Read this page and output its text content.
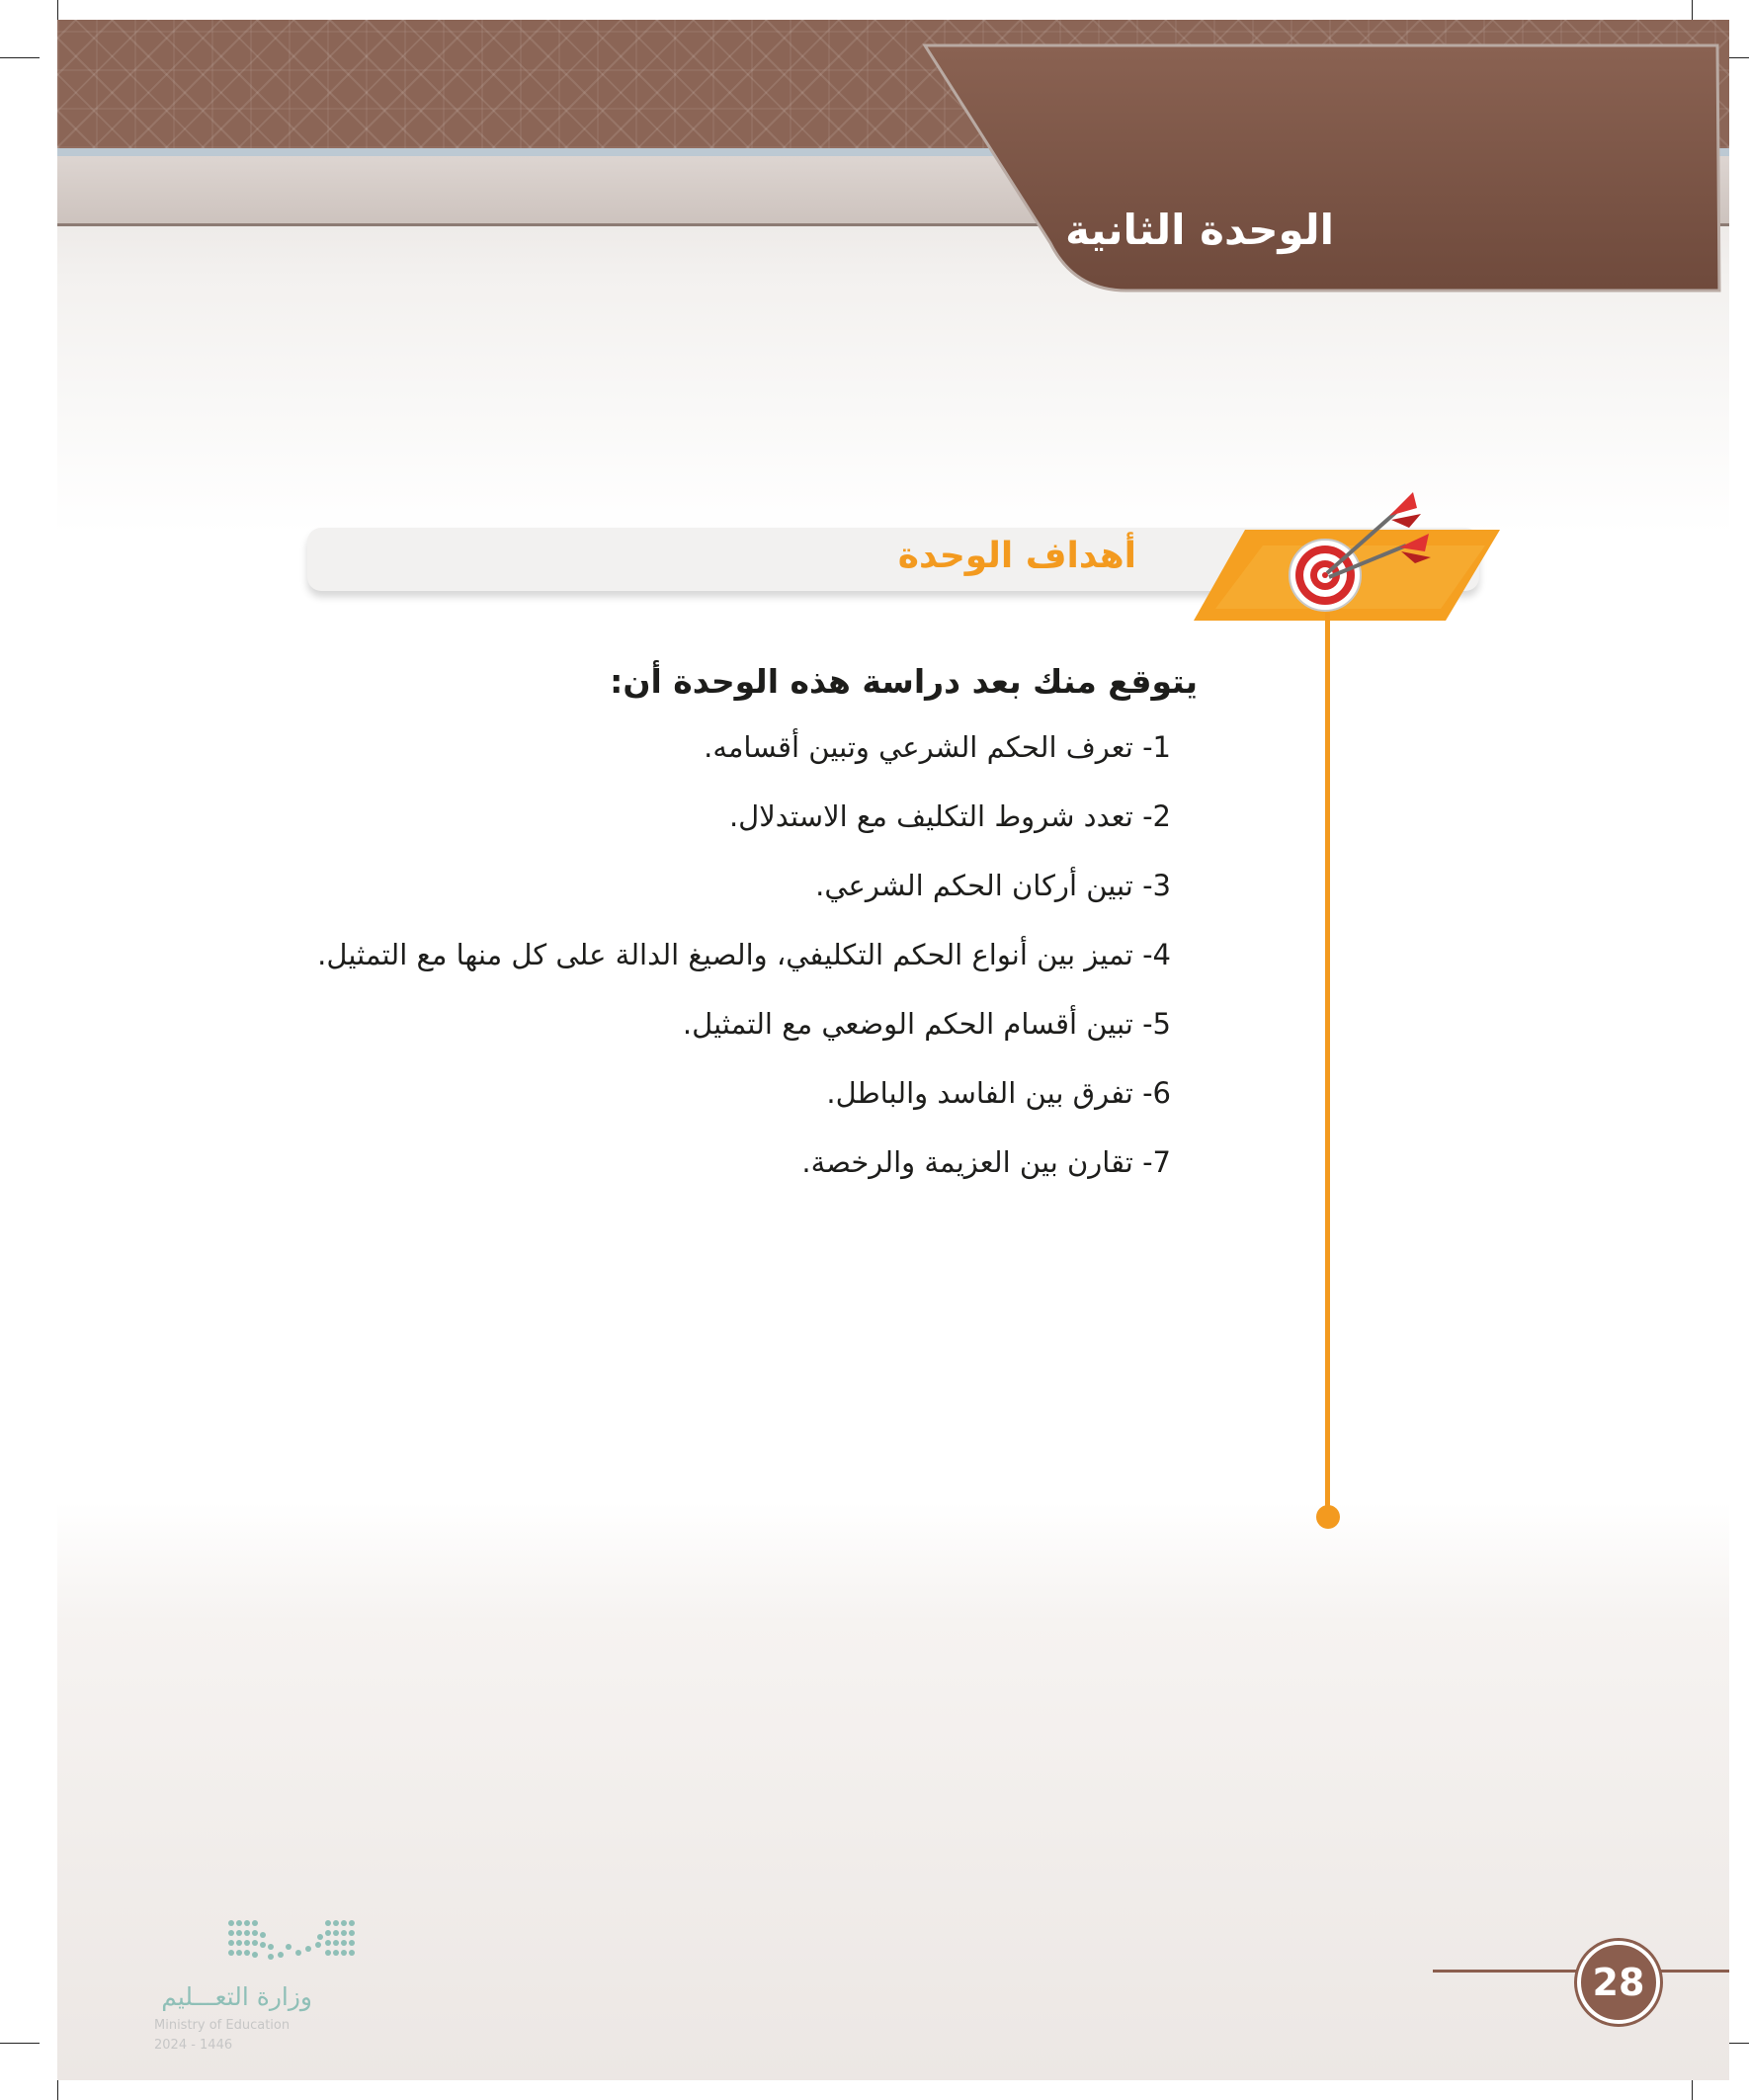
الوحدة الثانية
أهداف الوحدة
يتوقع منك بعد دراسة هذه الوحدة أن:
1- تعرف الحكم الشرعي وتبين أقسامه.
2- تعدد شروط التكليف مع الاستدلال.
3- تبين أركان الحكم الشرعي.
4- تميز بين أنواع الحكم التكليفي، والصيغ الدالة على كل منها مع التمثيل.
5- تبين أقسام الحكم الوضعي مع التمثيل.
6- تفرق بين الفاسد والباطل.
7- تقارن بين العزيمة والرخصة.
28
وزارة التعـــليم
Ministry of Education
2024 - 1446
